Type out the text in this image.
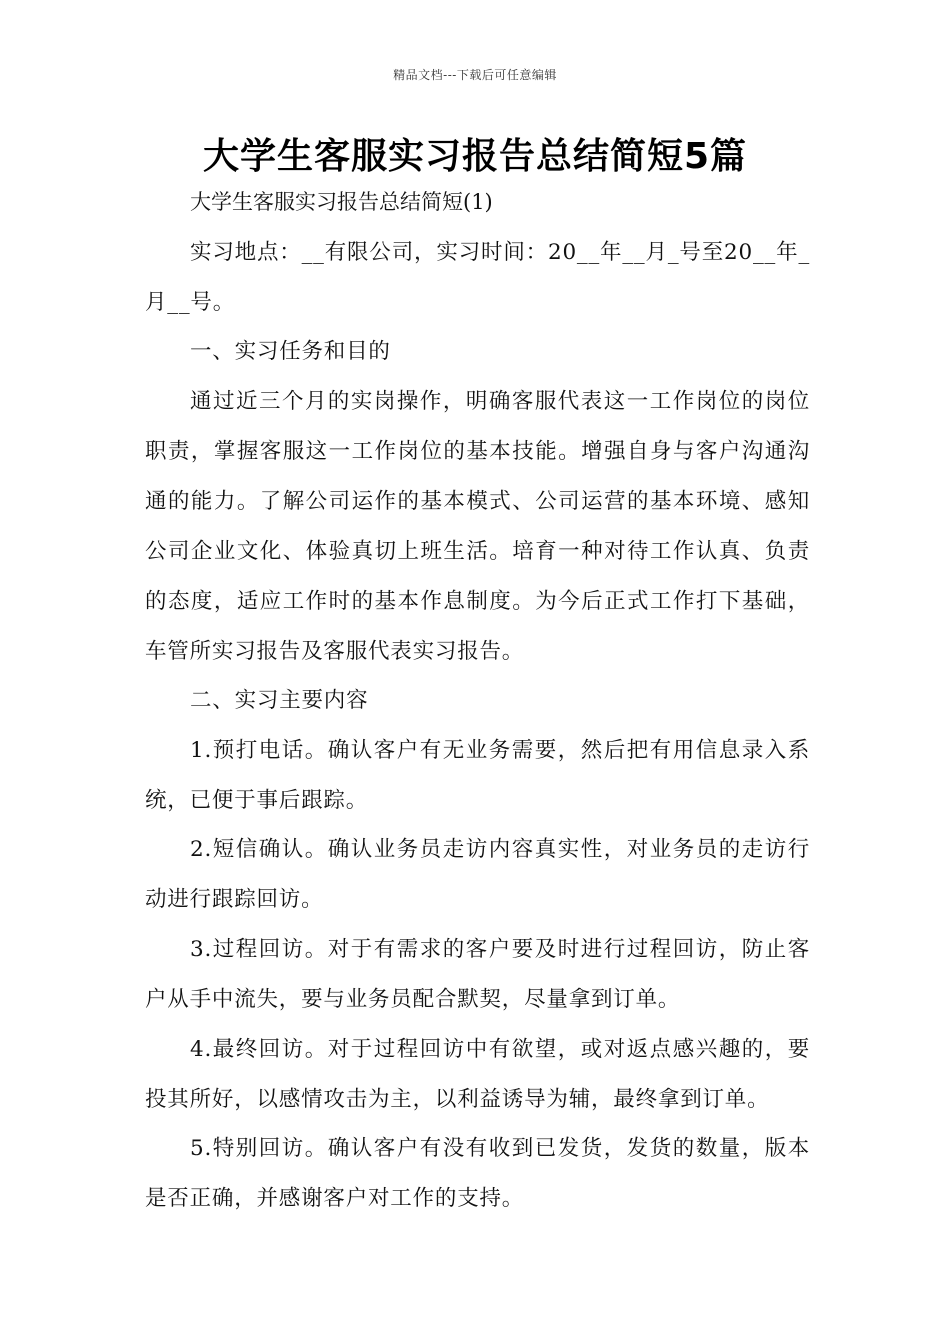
精品文档---下载后可任意编辑
大学生客服实习报告总结简短5篇
大学生客服实习报告总结简短(1)

实习地点：__有限公司，实习时间：20__年__月_号至20__年_月__号。

一、实习任务和目的

通过近三个月的实岗操作，明确客服代表这一工作岗位的岗位职责，掌握客服这一工作岗位的基本技能。增强自身与客户沟通沟通的能力。了解公司运作的基本模式、公司运营的基本环境、感知公司企业文化、体验真切上班生活。培育一种对待工作认真、负责的态度，适应工作时的基本作息制度。为今后正式工作打下基础，车管所实习报告及客服代表实习报告。

二、实习主要内容

1.预打电话。确认客户有无业务需要，然后把有用信息录入系统，已便于事后跟踪。

2.短信确认。确认业务员走访内容真实性，对业务员的走访行动进行跟踪回访。

3.过程回访。对于有需求的客户要及时进行过程回访，防止客户从手中流失，要与业务员配合默契，尽量拿到订单。

4.最终回访。对于过程回访中有欲望，或对返点感兴趣的，要投其所好，以感情攻击为主，以利益诱导为辅，最终拿到订单。

5.特别回访。确认客户有没有收到已发货，发货的数量，版本是否正确，并感谢客户对工作的支持。
